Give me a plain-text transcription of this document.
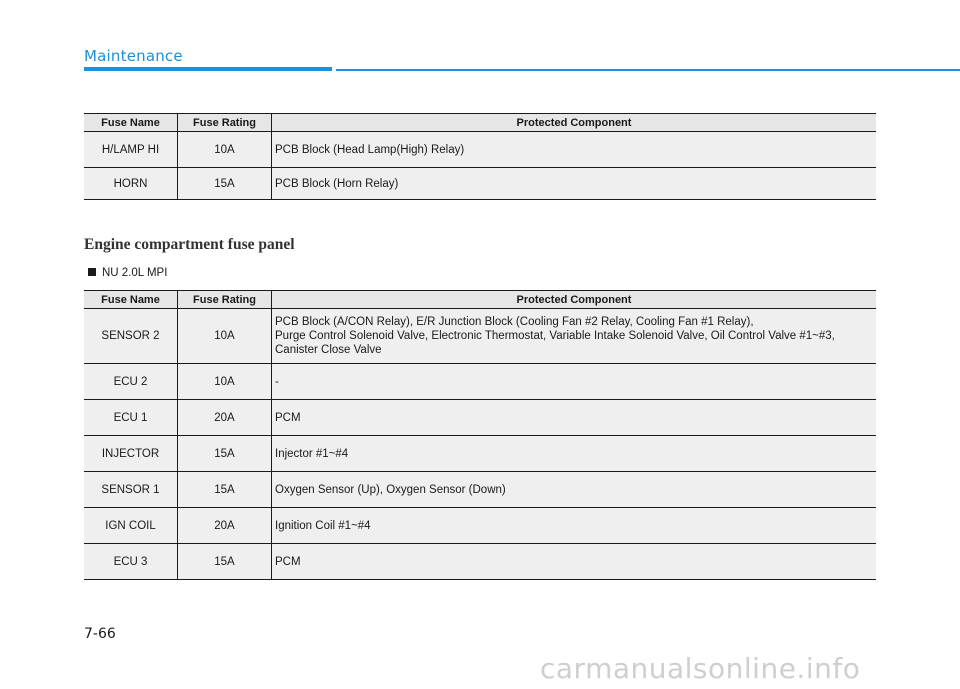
Maintenance
Fuse Name	Fuse Rating	Protected Component
H/LAMP HI	10A	PCB Block (Head Lamp(High) Relay)
HORN	15A	PCB Block (Horn Relay)
Engine compartment fuse panel
NU 2.0L MPI
Fuse Name	Fuse Rating	Protected Component
SENSOR 2	10A	PCB Block (A/CON Relay), E/R Junction Block (Cooling Fan #2 Relay, Cooling Fan #1 Relay),
Purge Control Solenoid Valve, Electronic Thermostat, Variable Intake Solenoid Valve, Oil Control Valve #1~#3,
Canister Close Valve

ECU 2	10A	-
ECU 1	20A	PCM
INJECTOR	15A	Injector #1~#4
SENSOR 1	15A	Oxygen Sensor (Up), Oxygen Sensor (Down)
IGN COIL	20A	Ignition Coil #1~#4
ECU 3	15A	PCM
7-66
carmanualsonline.info
